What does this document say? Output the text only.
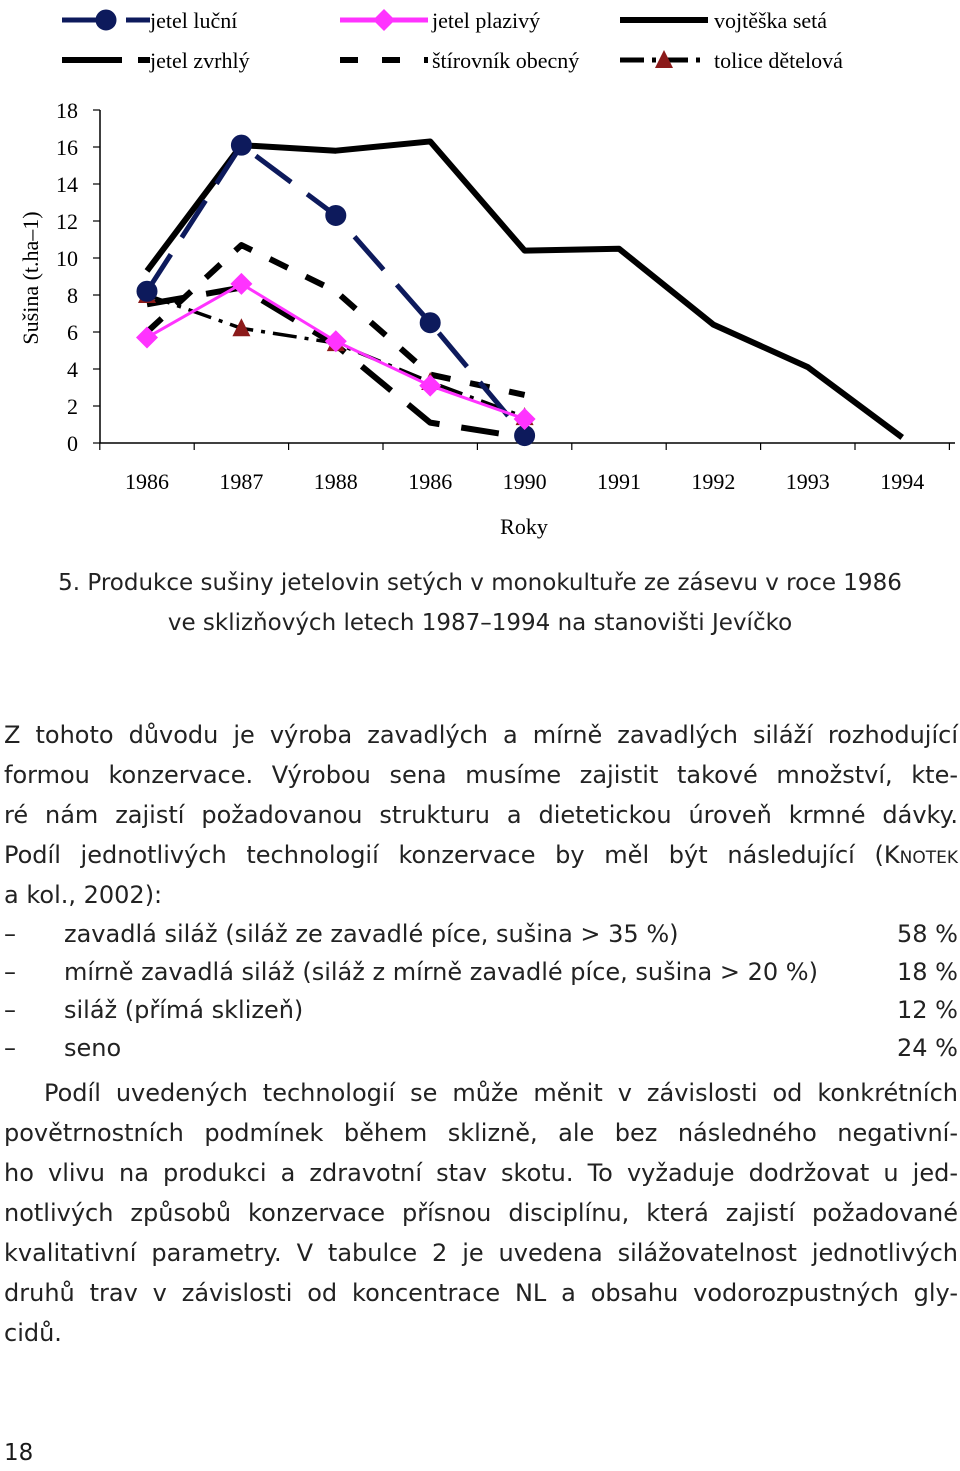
0
2
4
6
8
10
12
14
16
18
1986 1987 1988 1986 1990 1991 1992 1993 1994
Roky
Sušina (t.ha–1)
jetel luční	jetel plazivý	vojtěška setá
jetel zvrhlý	štírovník obecný	tolice dětelová
5. Produkce sušiny jetelovin setých v monokultuře ze zásevu v roce 1986
ve sklizňových letech 1987–1994 na stanovišti Jevíčko
Z tohoto důvodu je výroba zavadlých a mírně zavadlých siláží rozhodující
formou konzervace. Výrobou sena musíme zajistit takové množství, kte-
ré nám zajistí požadovanou strukturu a dietetickou úroveň krmné dávky.
Podíl jednotlivých technologií konzervace by měl být následující (Knotek
a kol., 2002):
–	zavadlá siláž (siláž ze zavadlé píce, sušina > 35 %)	58 %
–	mírně zavadlá siláž (siláž z mírně zavadlé píce, sušina > 20 %)	18 %
–	siláž (přímá sklizeň)	12 %
–	seno	24 %
Podíl uvedených technologií se může měnit v závislosti od konkrétních
povětrnostních podmínek během sklizně, ale bez následného negativní-
ho vlivu na produkci a zdravotní stav skotu. To vyžaduje dodržovat u jed-
notlivých způsobů konzervace přísnou disciplínu, která zajistí požadované
kvalitativní parametry. V tabulce 2 je uvedena silážovatelnost jednotlivých
druhů trav v závislosti od koncentrace NL a obsahu vodorozpustných gly-
cidů.
18
